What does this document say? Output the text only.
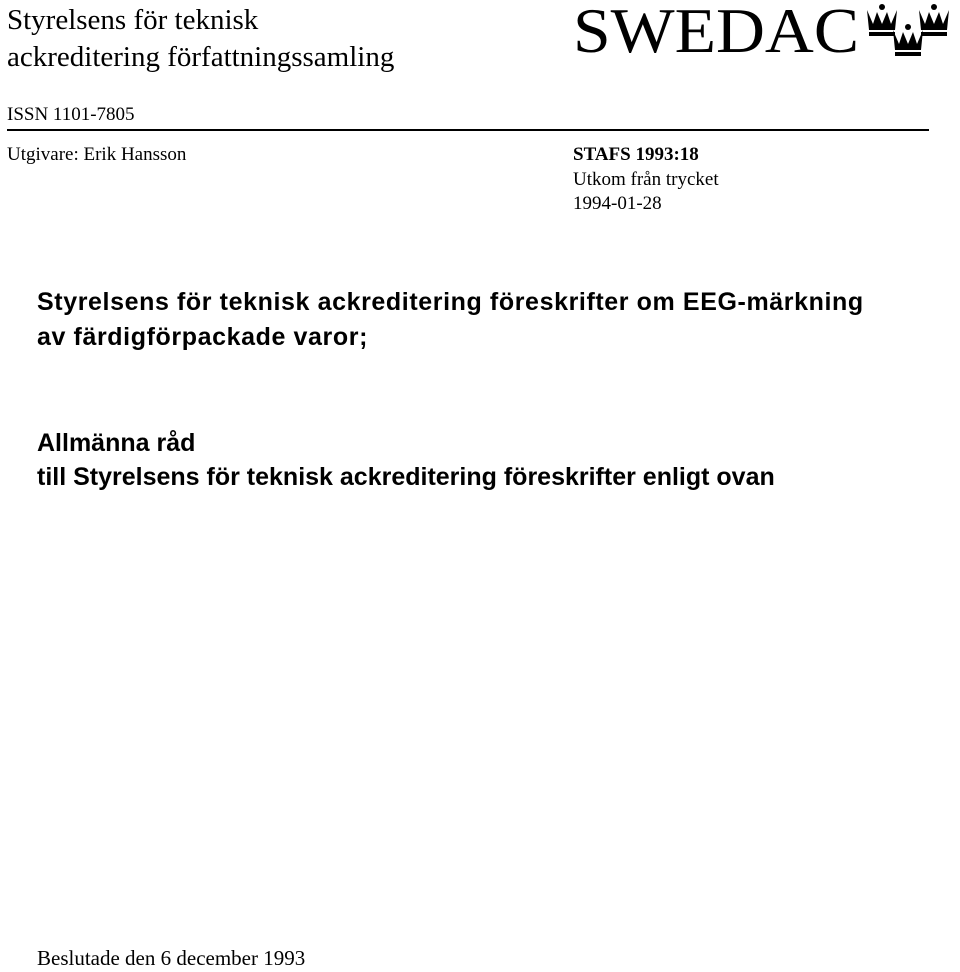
Styrelsens för teknisk
ackreditering författningssamling	SWEDAC
ISSN 1101-7805
Utgivare: Erik Hansson	STAFS 1993:18
Utkom från trycket
1994-01-28
Styrelsens för teknisk ackreditering föreskrifter om EEG-märkning
av färdigförpackade varor;
Allmänna råd
till Styrelsens för teknisk ackreditering föreskrifter enligt ovan
Beslutade den 6 december 1993
